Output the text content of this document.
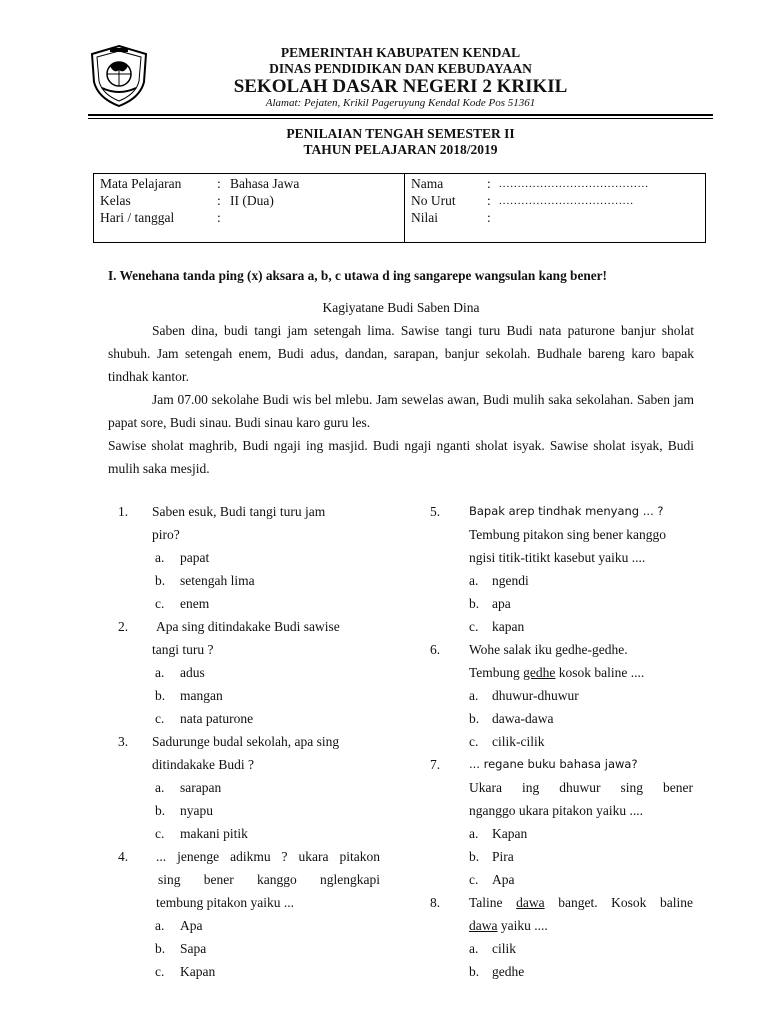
PEMERINTAH KABUPATEN KENDAL
DINAS PENDIDIKAN DAN KEBUDAYAAN
SEKOLAH DASAR NEGERI 2 KRIKIL
Alamat: Pejaten, Krikil Pageruyung Kendal Kode Pos 51361
PENILAIAN TENGAH SEMESTER II
TAHUN PELAJARAN 2018/2019
Mata Pelajaran	: Bahasa Jawa
Kelas	: II (Dua)
Hari / tanggal	:
Nama	: ........................................
No Urut : ....................................
Nilai	:
I. Wenehana tanda ping (x) aksara a, b, c utawa d ing sangarepe wangsulan kang bener!
Kagiyatane Budi Saben Dina
Saben dina, budi tangi jam setengah lima. Sawise tangi turu Budi nata paturone banjur sholat shubuh. Jam setengah enem, Budi adus, dandan, sarapan, banjur sekolah. Budhale bareng karo bapak tindhak kantor.
Jam 07.00 sekolahe Budi wis bel mlebu. Jam sewelas awan, Budi mulih saka sekolahan. Saben jam papat sore, Budi sinau. Budi sinau karo guru les.
Sawise sholat maghrib, Budi ngaji ing masjid. Budi ngaji nganti sholat isyak. Sawise sholat isyak, Budi mulih saka mesjid.
1. Saben esuk, Budi tangi turu jam
piro?
a. papat
b. setengah lima
c. enem
2. Apa sing ditindakake Budi sawise
tangi turu ?
a. adus
b. mangan
c. nata paturone
3. Sadurunge budal sekolah, apa sing
ditindakake Budi ?
a. sarapan
b. nyapu
c. makani pitik
4. ... jenenge adikmu ? ukara pitakon
sing bener kanggo nglengkapi
tembung pitakon yaiku ...
a. Apa
b. Sapa
c. Kapan
5.	Bapak arep tindhak menyang ... ?
Tembung pitakon sing bener kanggo
ngisi titik-titikt kasebut yaiku ....
a. ngendi
b. apa
c. kapan
6. Wohe salak iku gedhe-gedhe.
Tembung gedhe kosok baline ....
a. dhuwur-dhuwur
b. dawa-dawa
c. cilik-cilik
7.	... regane buku bahasa jawa?
Ukara ing dhuwur sing bener
nganggo ukara pitakon yaiku ....
a. Kapan
b. Pira
c. Apa
8. Taline dawa banget. Kosok baline
dawa yaiku ....
a. cilik
b. gedhe
